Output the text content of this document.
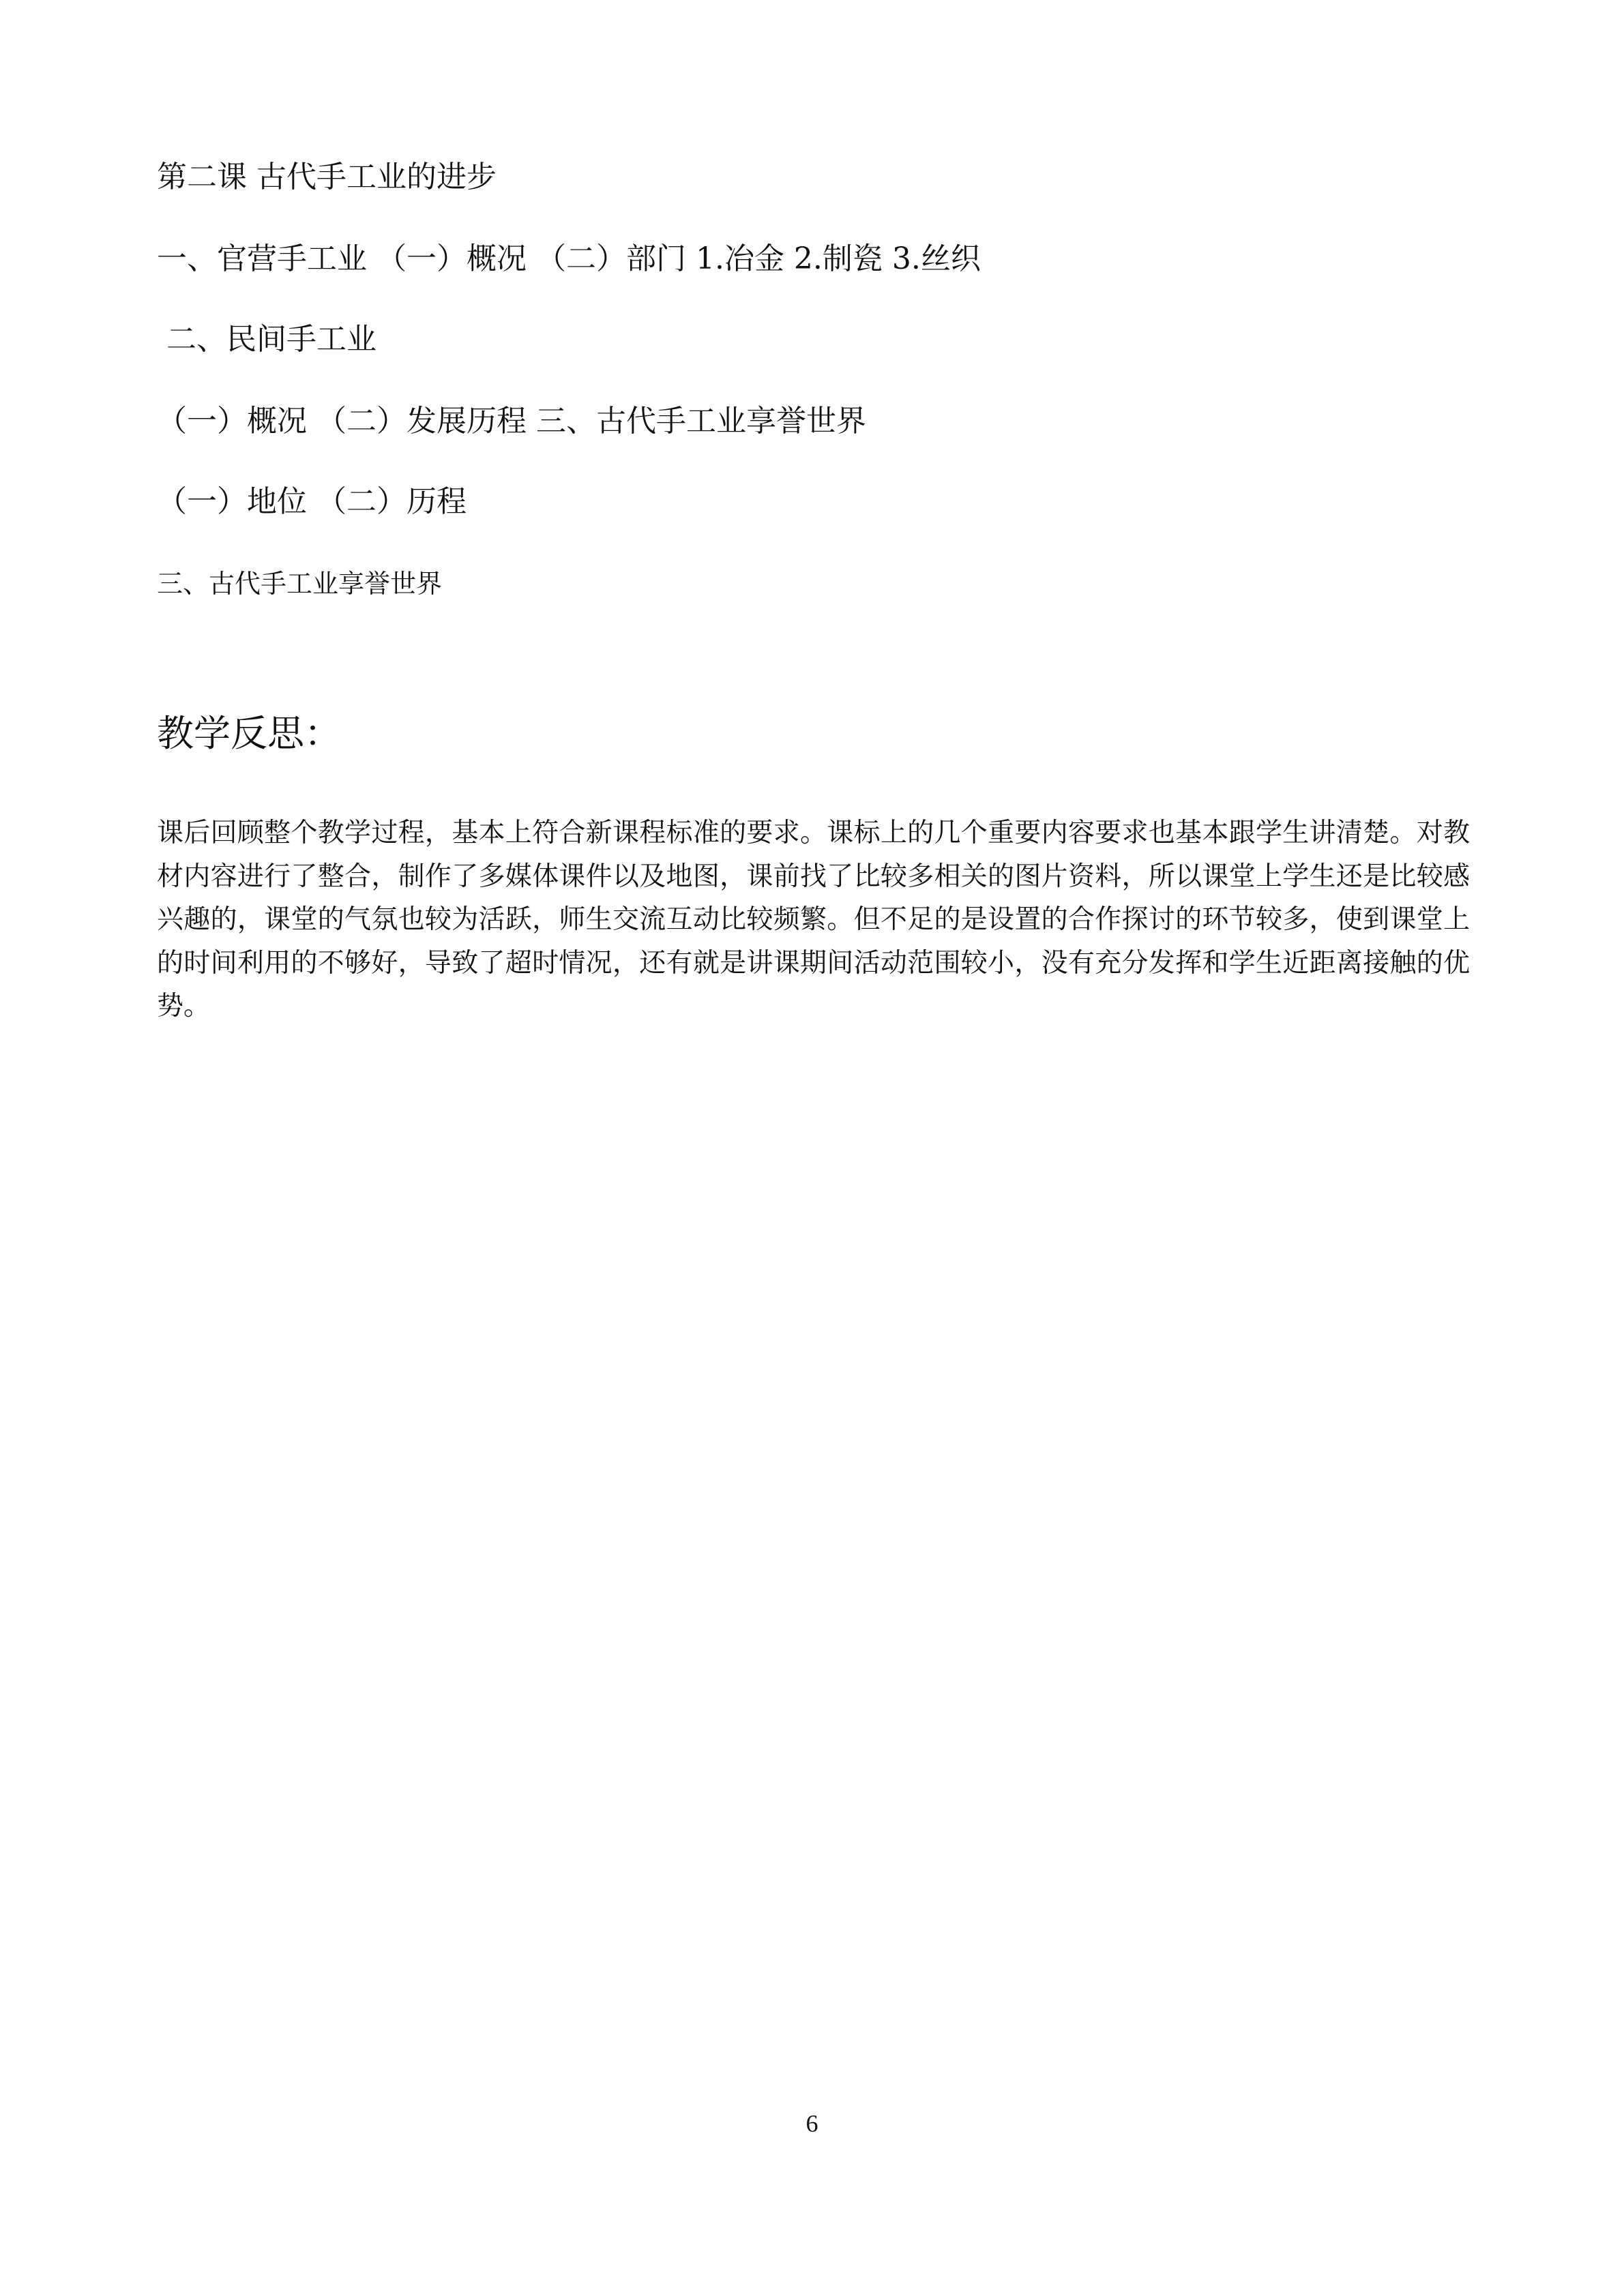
第二课 古代手工业的进步

一、官营手工业 （一）概况 （二）部门 1.冶金 2.制瓷 3.丝织

二、民间手工业

（一）概况 （二）发展历程 三、古代手工业享誉世界

（一）地位 （二）历程

三、古代手工业享誉世界

教学反思：

课后回顾整个教学过程，基本上符合新课程标准的要求。课标上的几个重要内容要求也基本跟学生讲清楚。对教材内容进行了整合，制作了多媒体课件以及地图，课前找了比较多相关的图片资料，所以课堂上学生还是比较感兴趣的，课堂的气氛也较为活跃，师生交流互动比较频繁。但不足的是设置的合作探讨的环节较多，使到课堂上的时间利用的不够好，导致了超时情况，还有就是讲课期间活动范围较小，没有充分发挥和学生近距离接触的优势。

6
